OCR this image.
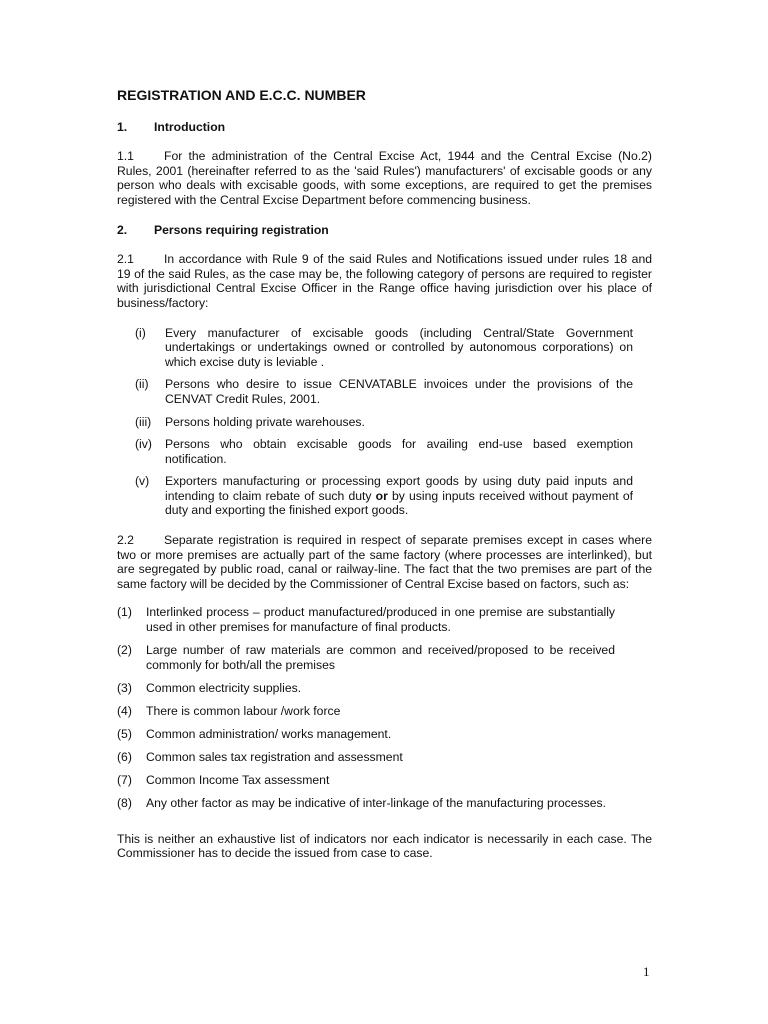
REGISTRATION AND E.C.C. NUMBER
1.	Introduction

1.1 For the administration of the Central Excise Act, 1944 and the Central Excise (No.2) Rules, 2001 (hereinafter referred to as the 'said Rules') manufacturers' of excisable goods or any person who deals with excisable goods, with some exceptions, are required to get the premises registered with the Central Excise Department before commencing business.

2.	Persons requiring registration

2.1 In accordance with Rule 9 of the said Rules and Notifications issued under rules 18 and 19 of the said Rules, as the case may be, the following category of persons are required to register with jurisdictional Central Excise Officer in the Range office having jurisdiction over his place of business/factory:

(i)	Every manufacturer of excisable goods (including Central/State Government undertakings or undertakings owned or controlled by autonomous corporations) on which excise duty is leviable .
(ii)	Persons who desire to issue CENVATABLE invoices under the provisions of the CENVAT Credit Rules, 2001.
(iii)	Persons holding private warehouses.
(iv)	Persons who obtain excisable goods for availing end-use based exemption notification.
(v)	Exporters manufacturing or processing export goods by using duty paid inputs and intending to claim rebate of such duty or by using inputs received without payment of duty and exporting the finished export goods.

2.2 Separate registration is required in respect of separate premises except in cases where two or more premises are actually part of the same factory (where processes are interlinked), but are segregated by public road, canal or railway-line. The fact that the two premises are part of the same factory will be decided by the Commissioner of Central Excise based on factors, such as:

(1)	Interlinked process – product manufactured/produced in one premise are substantially used in other premises for manufacture of final products.
(2)	Large number of raw materials are common and received/proposed to be received commonly for both/all the premises
(3)	Common electricity supplies.
(4)	There is common labour /work force
(5)	Common administration/ works management.
(6)	Common sales tax registration and assessment
(7)	Common Income Tax assessment
(8)	Any other factor as may be indicative of inter-linkage of the manufacturing processes.

This is neither an exhaustive list of indicators nor each indicator is necessarily in each case. The Commissioner has to decide the issued from case to case.

1
